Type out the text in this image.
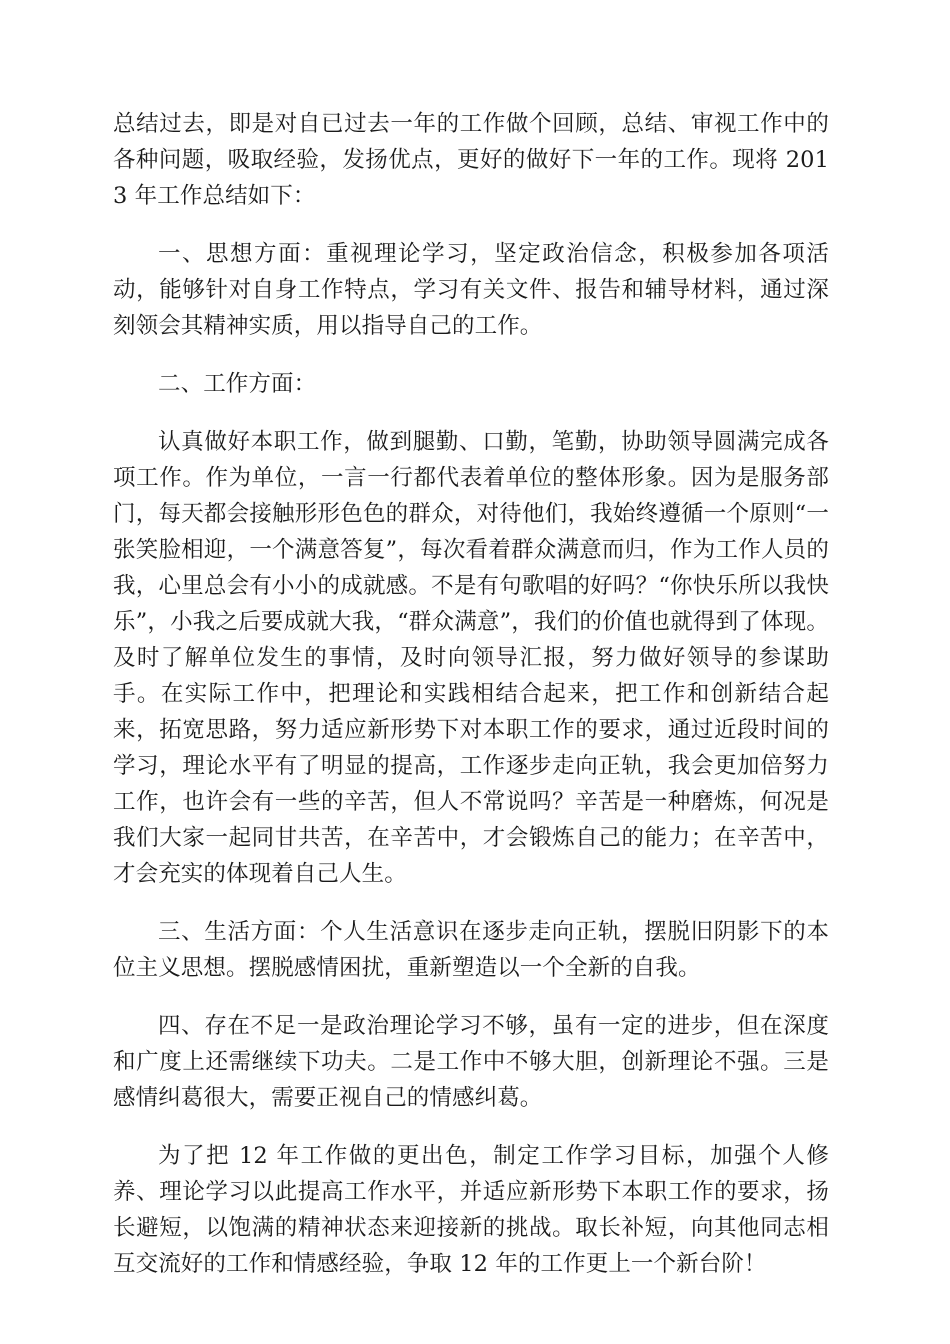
总结过去，即是对自已过去一年的工作做个回顾，总结、审视工作中的各种问题，吸取经验，发扬优点，更好的做好下一年的工作。现将 2013 年工作总结如下：

一、思想方面：重视理论学习，坚定政治信念，积极参加各项活动，能够针对自身工作特点，学习有关文件、报告和辅导材料，通过深刻领会其精神实质，用以指导自己的工作。

二、工作方面：

认真做好本职工作，做到腿勤、口勤，笔勤，协助领导圆满完成各项工作。作为单位，一言一行都代表着单位的整体形象。因为是服务部门，每天都会接触形形色色的群众，对待他们，我始终遵循一个原则“一张笑脸相迎，一个满意答复”，每次看着群众满意而归，作为工作人员的我，心里总会有小小的成就感。不是有句歌唱的好吗？“你快乐所以我快乐”，小我之后要成就大我，“群众满意”，我们的价值也就得到了体现。及时了解单位发生的事情，及时向领导汇报，努力做好领导的参谋助手。在实际工作中，把理论和实践相结合起来，把工作和创新结合起来，拓宽思路，努力适应新形势下对本职工作的要求，通过近段时间的学习，理论水平有了明显的提高，工作逐步走向正轨，我会更加倍努力工作，也许会有一些的辛苦，但人不常说吗？辛苦是一种磨炼，何况是我们大家一起同甘共苦，在辛苦中，才会锻炼自己的能力；在辛苦中，才会充实的体现着自己人生。

三、生活方面：个人生活意识在逐步走向正轨，摆脱旧阴影下的本位主义思想。摆脱感情困扰，重新塑造以一个全新的自我。

四、存在不足一是政治理论学习不够，虽有一定的进步，但在深度和广度上还需继续下功夫。二是工作中不够大胆，创新理论不强。三是感情纠葛很大，需要正视自己的情感纠葛。

为了把 12 年工作做的更出色，制定工作学习目标，加强个人修养、理论学习以此提高工作水平，并适应新形势下本职工作的要求，扬长避短，以饱满的精神状态来迎接新的挑战。取长补短，向其他同志相互交流好的工作和情感经验，争取 12 年的工作更上一个新台阶！
